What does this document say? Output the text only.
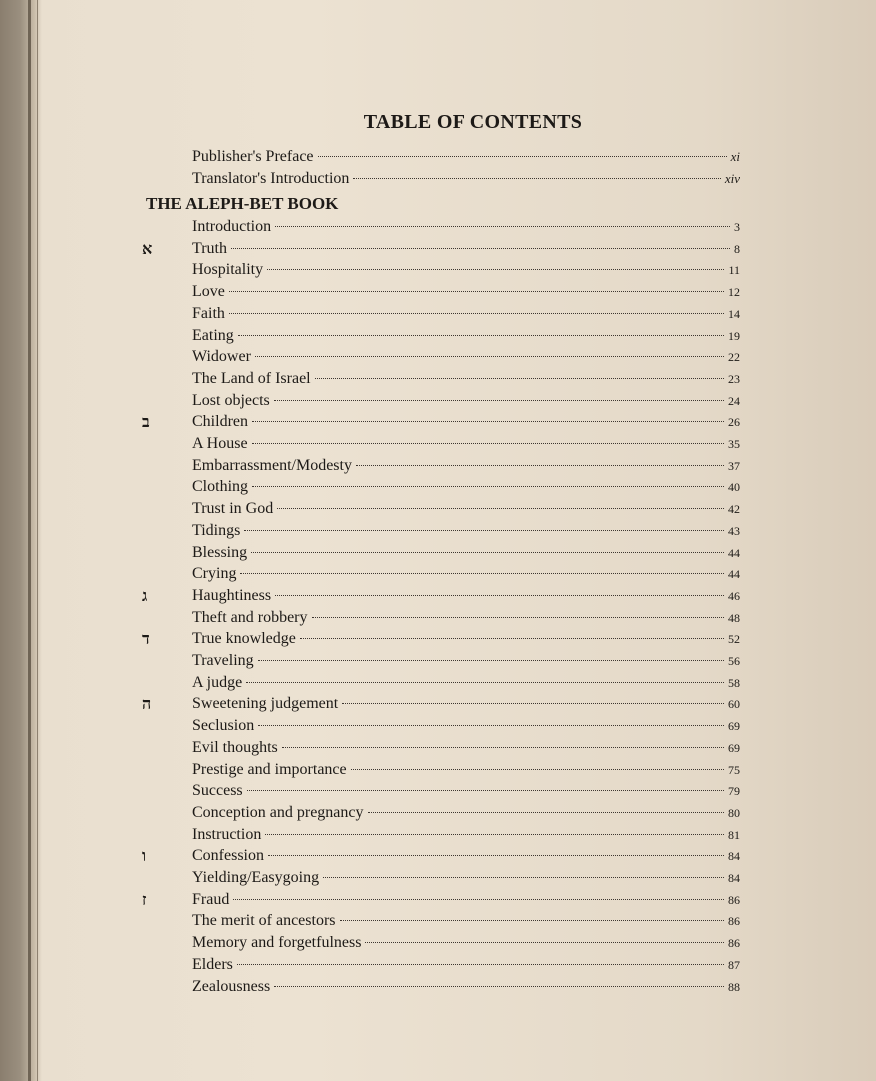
TABLE OF CONTENTS
Publisher's Preface	xi
Translator's Introduction	xiv
THE ALEPH-BET BOOK
Introduction	3
Truth	8
א
Hospitality	11
Love	12
Faith	14
Eating	19
Widower	22
The Land of Israel	23
Lost objects	24
Children	26
ב
A House	35
Embarrassment/Modesty	37
Clothing	40
Trust in God	42
Tidings	43
Blessing	44
Crying	44
Haughtiness	46
ג
Theft and robbery	48
True knowledge	52
ד
Traveling	56
A judge	58
Sweetening judgement	60
ה
Seclusion	69
Evil thoughts	69
Prestige and importance	75
Success	79
Conception and pregnancy	80
Instruction	81
Confession	84
ו
Yielding/Easygoing	84
Fraud	86
ז
The merit of ancestors	86
Memory and forgetfulness	86
Elders	87
Zealousness	88
